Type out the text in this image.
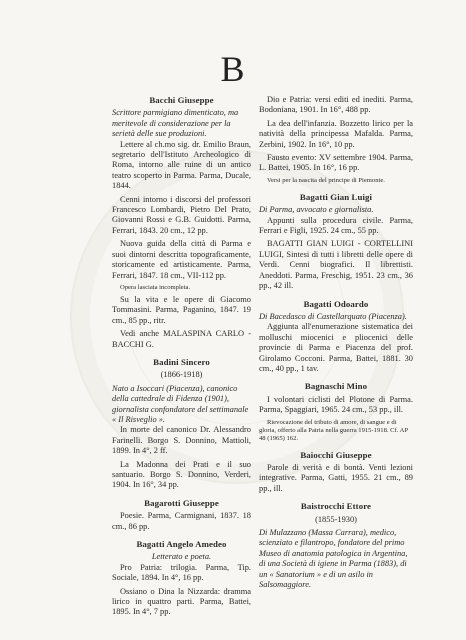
B
Bacchi Giuseppe
Scrittore parmigiano dimenticato, ma meritevole di considerazione per la serietà delle sue produzioni.
Lettere al ch.mo sig. dr. Emilio Braun, segretario dell'Istituto Archeologico di Roma, intorno alle ruine di un antico teatro scoperto in Parma. Parma, Ducale, 1844.
Cenni intorno i discorsi del professori Francesco Lombardi, Pietro Del Prato, Giovanni Rossi e G.B. Guidotti. Parma, Ferrari, 1843. 20 cm., 12 pp.
Nuova guida della città di Parma e suoi dintorni descritta topograficamente, storicamente ed artisticamente. Parma, Ferrari, 1847. 18 cm., VII-112 pp.
Opera lasciata incompleta.
Su la vita e le opere di Giacomo Tommasini. Parma, Paganino, 1847. 19 cm., 85 pp., ritr.
Vedi anche MALASPINA CARLO - BACCHI G.
Badini Sincero
(1866-1918)
Nato a Isoccari (Piacenza), canonico della cattedrale di Fidenza (1901), giornalista confondatore del settimanale « Il Risveglio ».
In morte del canonico Dr. Alessandro Farinelli. Borgo S. Donnino, Mattioli, 1899. In 4°, 2 ff.
La Madonna dei Prati e il suo santuario. Borgo S. Donnino, Verderi, 1904. In 16°, 34 pp.
Bagarotti Giuseppe
Poesie. Parma, Carmignani, 1837. 18 cm., 86 pp.
Bagatti Angelo Amedeo
Letterato e poeta.
Pro Patria: trilogia. Parma, Tip. Sociale, 1894. In 4°, 16 pp.
Ossiano o Dina la Nizzarda: dramma lirico in quattro parti. Parma, Battei, 1895. In 4°, 7 pp.
Dio e Patria: versi editi ed inediti. Parma, Bodoniana, 1901. In 16°, 488 pp.
La dea dell'infanzia. Bozzetto lirico per la natività della principessa Mafalda. Parma, Zerbini, 1902. In 16°, 10 pp.
Fausto evento: XV settembre 1904. Parma, L. Battei, 1905. In 16°, 16 pp.
Versi per la nascita del principe di Piemonte.
Bagatti Gian Luigi
Di Parma, avvocato e giornalista.
Appunti sulla procedura civile. Parma, Ferrari e Figli, 1925. 24 cm., 55 pp.
BAGATTI GIAN LUIGI - CORTELLINI LUIGI, Sintesi di tutti i libretti delle opere di Verdi. Cenni biografici. Il librettisti. Aneddoti. Parma, Freschig, 1951. 23 cm., 36 pp., 42 ill.
Bagatti Odoardo
Di Bacedasco di Castellarquato (Piacenza).
Aggiunta all'enumerazione sistematica dei molluschi miocenici e pliocenici delle provincie di Parma e Piacenza del prof. Girolamo Cocconi. Parma, Battei, 1881. 30 cm., 40 pp., 1 tav.
Bagnaschi Mino
I volontari ciclisti del Plotone di Parma. Parma, Spaggiari, 1965. 24 cm., 53 pp., ill.
Rievocazione del tributo di amore, di sangue e di gloria, offerto alla Patria nella guerra 1915-1918. Cf. AP 48 (1965) 162.
Baiocchi Giuseppe
Parole di verità e di bontà. Venti lezioni integrative. Parma, Gatti, 1955. 21 cm., 89 pp., ill.
Baistrocchi Ettore
(1855-1930)
Di Mulazzano (Massa Carrara), medico, scienziato e filantropo, fondatore del primo Museo di anatomia patologica in Argentina, di una Società di igiene in Parma (1883), di un « Sanatorium » e di un asilo in Salsomaggiore.
